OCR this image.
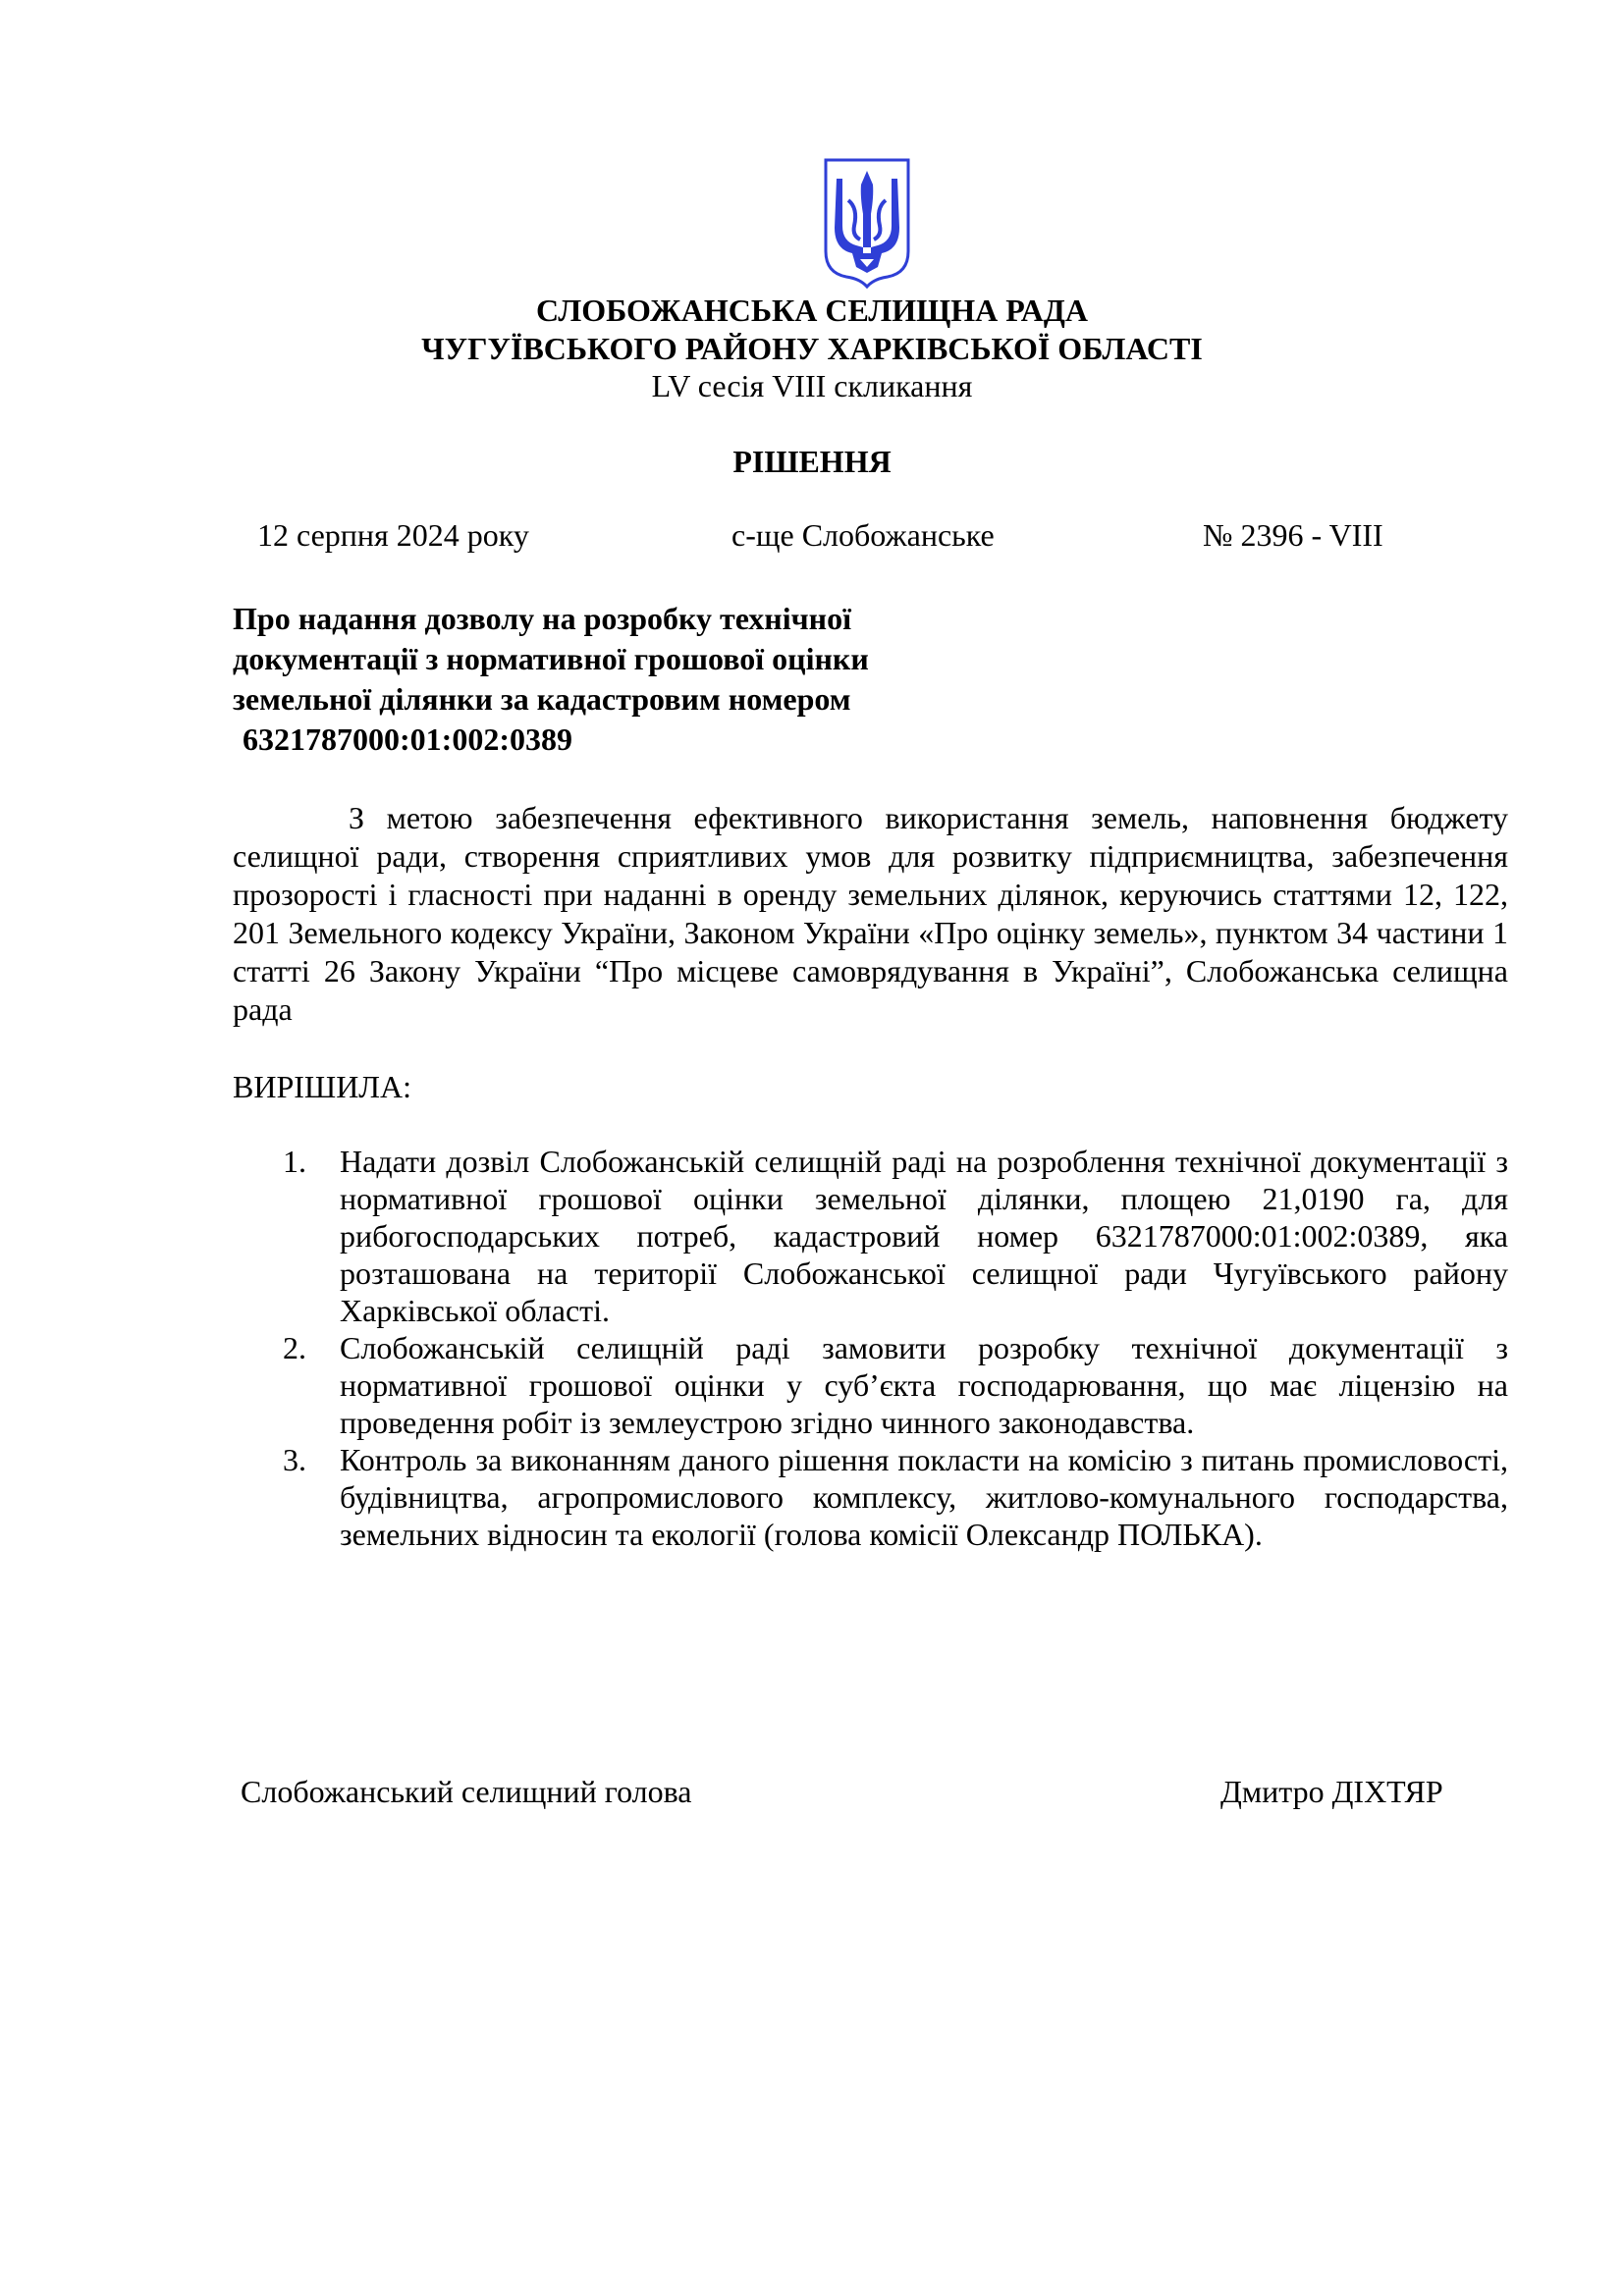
СЛОБОЖАНСЬКА СЕЛИЩНА РАДА
ЧУГУЇВСЬКОГО РАЙОНУ ХАРКІВСЬКОЇ ОБЛАСТІ
LV сесія VIII скликання
РІШЕННЯ
12 серпня 2024 року	с-ще Слобожанське	№ 2396 - VIII
Про надання дозволу на розробку технічної
документації з нормативної грошової оцінки
земельної ділянки за кадастровим номером
6321787000:01:002:0389

З метою забезпечення ефективного використання земель, наповнення бюджету селищної ради, створення сприятливих умов для розвитку підприємництва, забезпечення прозорості і гласності при наданні в оренду земельних ділянок, керуючись статтями 12, 122, 201 Земельного кодексу України, Законом України «Про оцінку земель», пунктом 34 частини 1 статті 26 Закону України “Про місцеве самоврядування в Україні”, Слобожанська селищна рада

ВИРІШИЛА:
1. Надати дозвіл Слобожанській селищній раді на розроблення технічної документації з нормативної грошової оцінки земельної ділянки, площею 21,0190 га, для рибогосподарських потреб, кадастровий номер 6321787000:01:002:0389, яка розташована на території Слобожанської селищної ради Чугуївського району Харківської області.
2. Слобожанській селищній раді замовити розробку технічної документації з нормативної грошової оцінки у суб’єкта господарювання, що має ліцензію на проведення робіт із землеустрою згідно чинного законодавства.
3. Контроль за виконанням даного рішення покласти на комісію з питань промисловості, будівництва, агропромислового комплексу, житлово-комунального господарства, земельних відносин та екології (голова комісії Олександр ПОЛЬКА).
Слобожанський селищний голова	Дмитро ДІХТЯР
